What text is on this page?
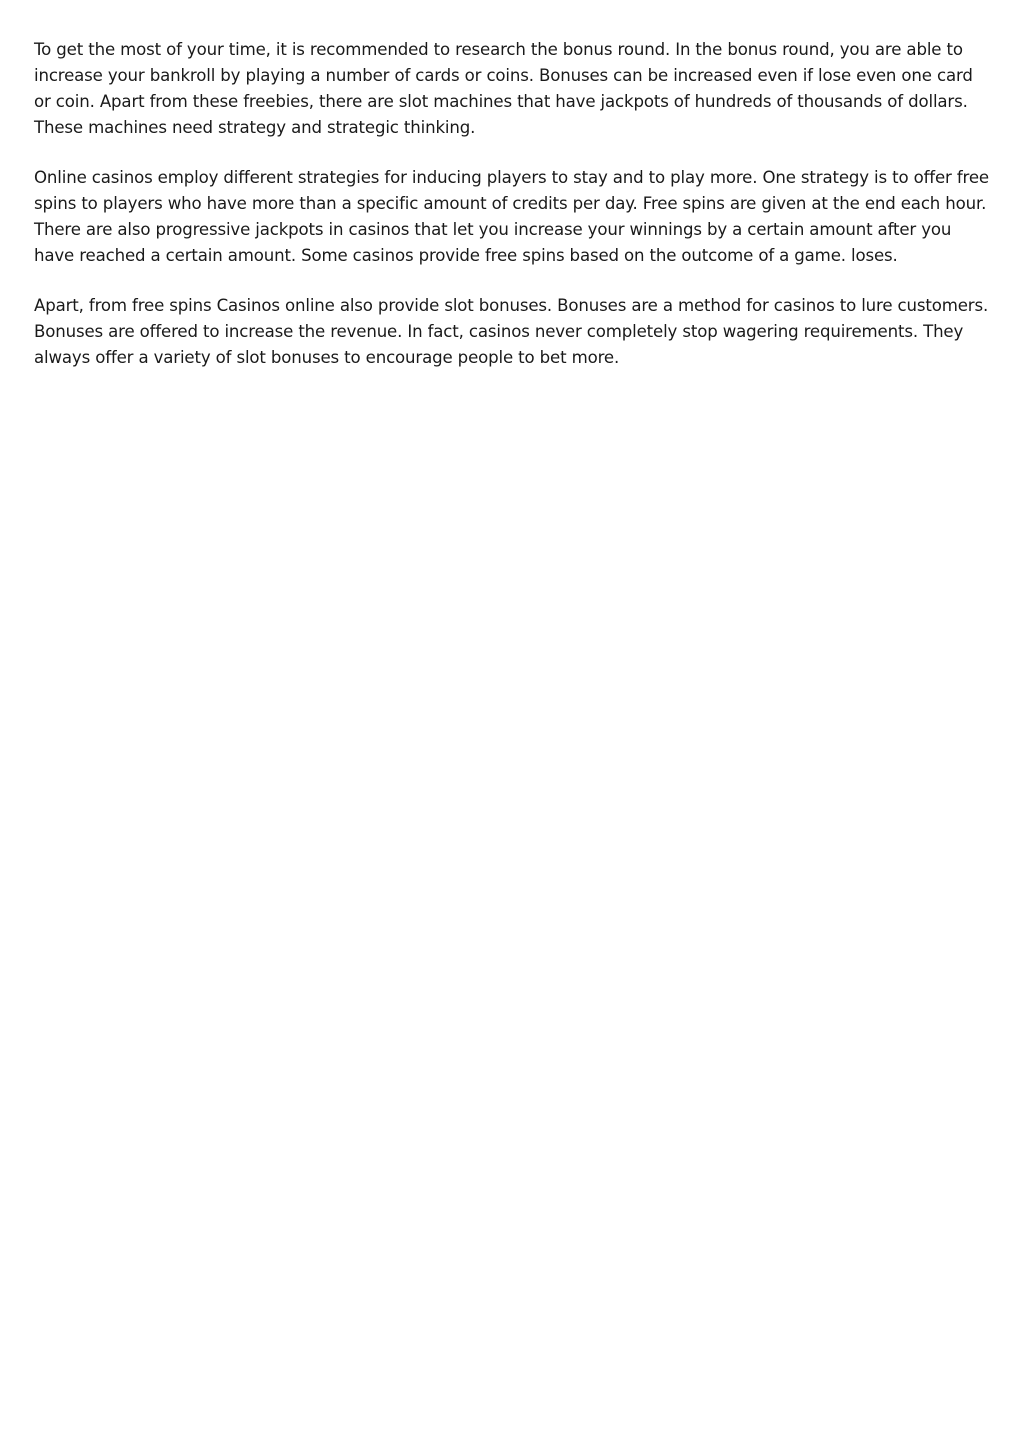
To get the most of your time, it is recommended to research the bonus round. In the bonus round, you are able to increase your bankroll by playing a number of cards or coins. Bonuses can be increased even if lose even one card or coin. Apart from these freebies, there are slot machines that have jackpots of hundreds of thousands of dollars. These machines need strategy and strategic thinking.

Online casinos employ different strategies for inducing players to stay and to play more. One strategy is to offer free spins to players who have more than a specific amount of credits per day. Free spins are given at the end each hour. There are also progressive jackpots in casinos that let you increase your winnings by a certain amount after you have reached a certain amount. Some casinos provide free spins based on the outcome of a game. loses.

Apart, from free spins Casinos online also provide slot bonuses. Bonuses are a method for casinos to lure customers. Bonuses are offered to increase the revenue. In fact, casinos never completely stop wagering requirements. They always offer a variety of slot bonuses to encourage people to bet more.
